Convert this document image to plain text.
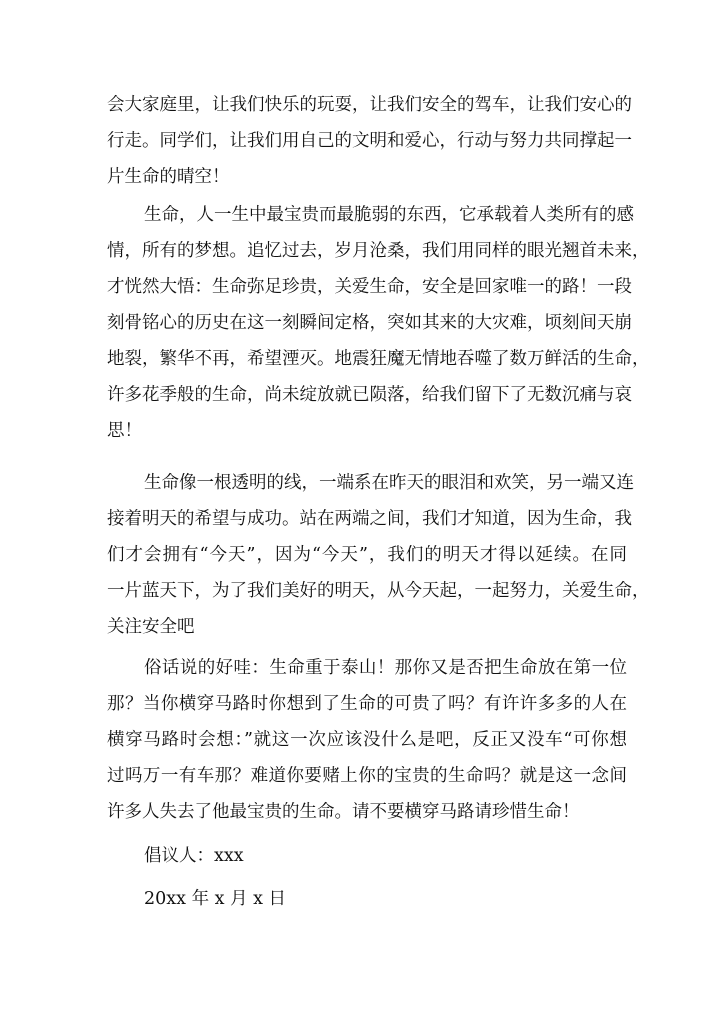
会大家庭里，让我们快乐的玩耍，让我们安全的驾车，让我们安心的
行走。同学们，让我们用自己的文明和爱心，行动与努力共同撑起一
片生命的晴空！
生命，人一生中最宝贵而最脆弱的东西，它承载着人类所有的感
情，所有的梦想。追忆过去，岁月沧桑，我们用同样的眼光翘首未来，
才恍然大悟：生命弥足珍贵，关爱生命，安全是回家唯一的路！一段
刻骨铭心的历史在这一刻瞬间定格，突如其来的大灾难，顷刻间天崩
地裂，繁华不再，希望湮灭。地震狂魔无情地吞噬了数万鲜活的生命，
许多花季般的生命，尚未绽放就已陨落，给我们留下了无数沉痛与哀
思！
生命像一根透明的线，一端系在昨天的眼泪和欢笑，另一端又连
接着明天的希望与成功。站在两端之间，我们才知道，因为生命，我
们才会拥有“今天”，因为“今天”，我们的明天才得以延续。在同
一片蓝天下，为了我们美好的明天，从今天起，一起努力，关爱生命，
关注安全吧
俗话说的好哇：生命重于泰山！那你又是否把生命放在第一位
那？当你横穿马路时你想到了生命的可贵了吗？有许许多多的人在
横穿马路时会想：”就这一次应该没什么是吧，反正又没车“可你想
过吗万一有车那？难道你要赌上你的宝贵的生命吗？就是这一念间
许多人失去了他最宝贵的生命。请不要横穿马路请珍惜生命！

倡议人：xxx

20xx 年 x 月 x 日
